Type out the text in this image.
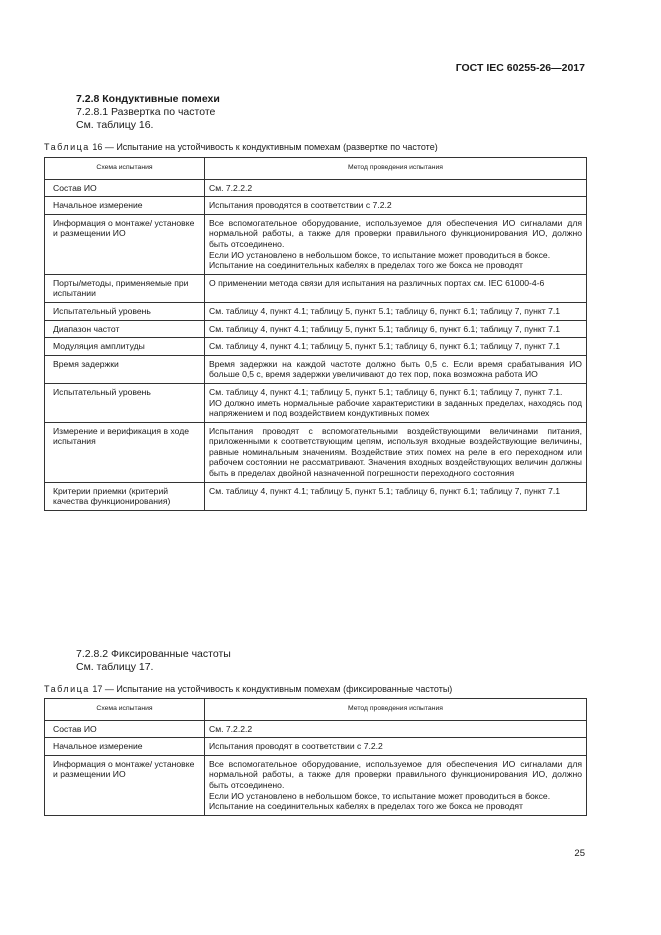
ГОСТ IEC 60255-26—2017
7.2.8 Кондуктивные помехи
7.2.8.1 Развертка по частоте
См. таблицу 16.
Таблица 16 — Испытание на устойчивость к кондуктивным помехам (развертке по частоте)
Схема испытания	Метод проведения испытания
Состав ИО	См. 7.2.2.2

Начальное измерение	Испытания проводятся в соответствии с 7.2.2

Информация о монтаже/ установке и размещении ИО	Все вспомогательное оборудование, используемое для обеспечения ИО сигналами для нормальной работы, а также для проверки правильного функционирования ИО, должно быть отсоединено.
Если ИО установлено в небольшом боксе, то испытание может проводиться в боксе.
Испытание на соединительных кабелях в пределах того же бокса не проводят

Порты/методы, применяемые при испытании	О применении метода связи для испытания на различных портах см. IEC 61000-4-6

Испытательный уровень	См. таблицу 4, пункт 4.1; таблицу 5, пункт 5.1; таблицу 6, пункт 6.1; таблицу 7, пункт 7.1

Диапазон частот	См. таблицу 4, пункт 4.1; таблицу 5, пункт 5.1; таблицу 6, пункт 6.1; таблицу 7, пункт 7.1

Модуляция амплитуды	См. таблицу 4, пункт 4.1; таблицу 5, пункт 5.1; таблицу 6, пункт 6.1; таблицу 7, пункт 7.1

Время задержки	Время задержки на каждой частоте должно быть 0,5 с. Если время срабатывания ИО больше 0,5 с, время задержки увеличивают до тех пор, пока возможна работа ИО

Испытательный уровень	См. таблицу 4, пункт 4.1; таблицу 5, пункт 5.1; таблицу 6, пункт 6.1; таблицу 7, пункт 7.1.
ИО должно иметь нормальные рабочие характеристики в заданных пределах, находясь под напряжением и под воздействием кондуктивных помех

Измерение и верификация в ходе испытания	Испытания проводят с вспомогательными воздействующими величинами питания, приложенными к соответствующим цепям, используя входные воздействующие величины, равные номинальным значениям. Воздействие этих помех на реле в его переходном или рабочем состоянии не рассматривают. Значения входных воздействующих величин должны быть в пределах двойной назначенной погрешности переходного состояния

Критерии приемки (критерий качества функционирования)	См. таблицу 4, пункт 4.1; таблицу 5, пункт 5.1; таблицу 6, пункт 6.1; таблицу 7, пункт 7.1
7.2.8.2 Фиксированные частоты
См. таблицу 17.
Таблица 17 — Испытание на устойчивость к кондуктивным помехам (фиксированные частоты)
Схема испытания	Метод проведения испытания
Состав ИО	См. 7.2.2.2

Начальное измерение	Испытания проводят в соответствии с 7.2.2

Информация о монтаже/ установке и размещении ИО	Все вспомогательное оборудование, используемое для обеспечения ИО сигналами для нормальной работы, а также для проверки правильного функционирования ИО, должно быть отсоединено.
Если ИО установлено в небольшом боксе, то испытание может проводиться в боксе.
Испытание на соединительных кабелях в пределах того же бокса не проводят
25
